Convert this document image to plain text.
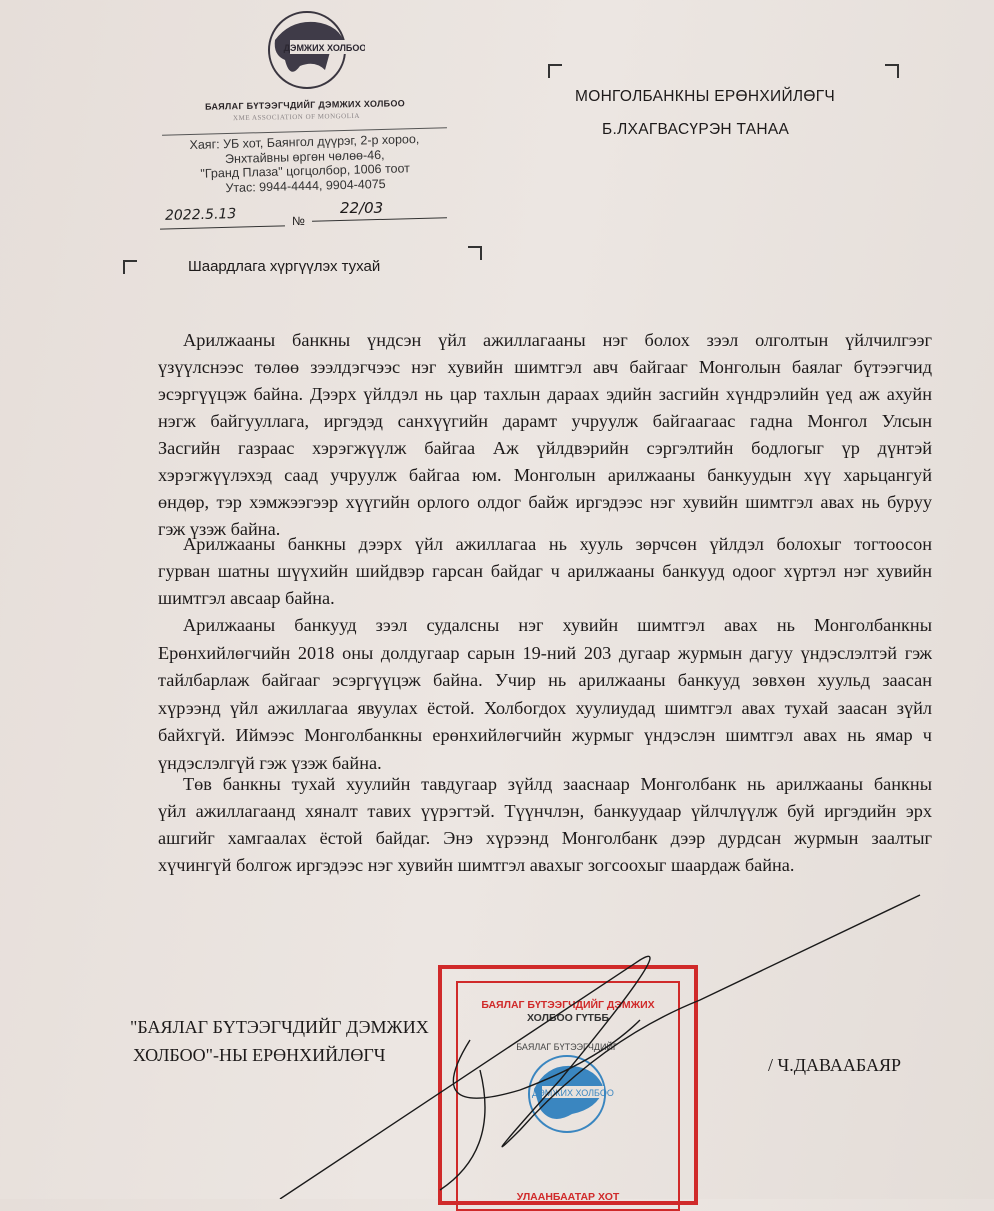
ДЭМЖИХ ХОЛБОО
БАЯЛАГ БҮТЭЭГЧДИЙГ ДЭМЖИХ ХОЛБОО
XME ASSOCIATION OF MONGOLIA
Хаяг: УБ хот, Баянгол дүүрэг, 2-р хороо,
Энхтайвны өргөн чөлөө-46,
"Гранд Плаза" цогцолбор, 1006 тоот
Утас: 9944-4444, 9904-4075
2022.5.13	№
22/03
МОНГОЛБАНКНЫ ЕРӨНХИЙЛӨГЧ
Б.ЛХАГВАСҮРЭН ТАНАА
Шаардлага хүргүүлэх тухай
Арилжааны банкны үндсэн үйл ажиллагааны нэг болох зээл олголтын үйлчилгээг
үзүүлснээс төлөө зээлдэгчээс нэг хувийн шимтгэл авч байгааг Монголын баялаг бүтээгчид
эсэргүүцэж байна. Дээрх үйлдэл нь цар тахлын дараах эдийн засгийн хүндрэлийн үед аж ахуйн
нэгж байгууллага, иргэдэд санхүүгийн дарамт учруулж байгаагаас гадна Монгол Улсын
Засгийн газраас хэрэгжүүлж байгаа Аж үйлдвэрийн сэргэлтийн бодлогыг үр дүнтэй
хэрэгжүүлэхэд саад учруулж байгаа юм. Монголын арилжааны банкуудын хүү харьцангуй
өндөр, тэр хэмжээгээр хүүгийн орлого олдог байж иргэдээс нэг хувийн шимтгэл авах нь буруу
гэж үзэж байна.
Арилжааны банкны дээрх үйл ажиллагаа нь хууль зөрчсөн үйлдэл болохыг тогтоосон
гурван шатны шүүхийн шийдвэр гарсан байдаг ч арилжааны банкууд одоог хүртэл нэг хувийн
шимтгэл авсаар байна.
Арилжааны банкууд зээл судалсны нэг хувийн шимтгэл авах нь Монголбанкны
Ерөнхийлөгчийн 2018 оны долдугаар сарын 19-ний 203 дугаар журмын дагуу үндэслэлтэй гэж
тайлбарлаж байгааг эсэргүүцэж байна. Учир нь арилжааны банкууд зөвхөн хуульд заасан
хүрээнд үйл ажиллагаа явуулах ёстой. Холбогдох хуулиудад шимтгэл авах тухай заасан зүйл
байхгүй. Иймээс Монголбанкны ерөнхийлөгчийн журмыг үндэслэн шимтгэл авах нь ямар ч
үндэслэлгүй гэж үзэж байна.
Төв банкны тухай хуулийн тавдугаар зүйлд зааснаар Монголбанк нь арилжааны банкны
үйл ажиллагаанд хяналт тавих үүрэгтэй. Түүнчлэн, банкуудаар үйлчлүүлж буй иргэдийн эрх
ашгийг хамгаалах ёстой байдаг. Энэ хүрээнд Монголбанк дээр дурдсан журмын заалтыг
хүчингүй болгож иргэдээс нэг хувийн шимтгэл авахыг зогсоохыг шаардаж байна.
"БАЯЛАГ БҮТЭЭГЧДИЙГ ДЭМЖИХ
ХОЛБОО"-НЫ ЕРӨНХИЙЛӨГЧ	/ Ч.ДАВААБАЯР
БАЯЛАГ БҮТЭЭГЧДИЙГ ДЭМЖИХ
ХОЛБОО ГҮТББ
ДЭМЖИХ ХОЛБОО
БАЯЛАГ БҮТЭЭГЧДИЙГ
УЛААНБААТАР ХОТ
